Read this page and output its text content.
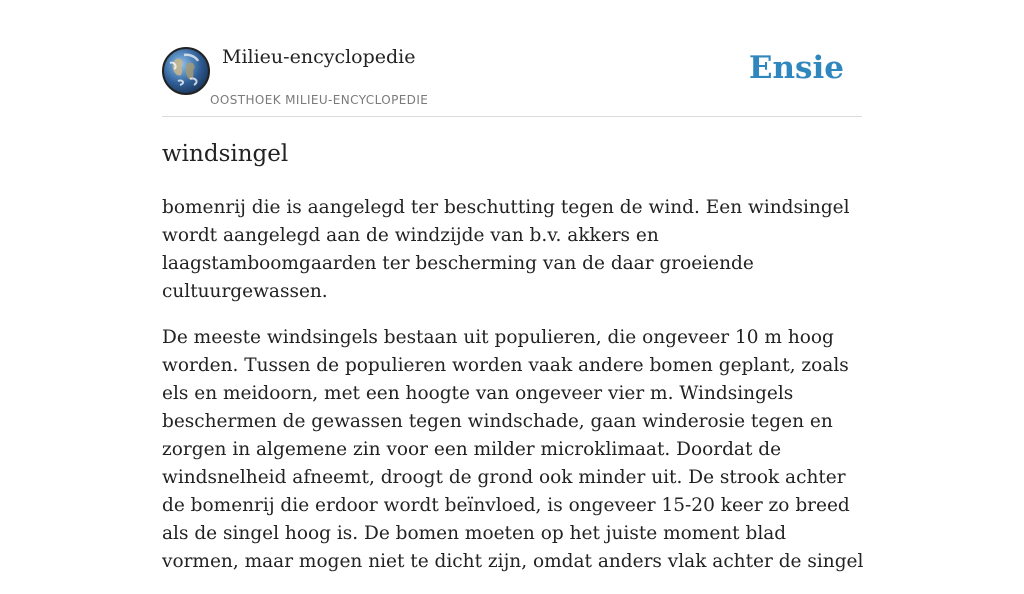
Milieu-encyclopedie
OOSTHOEK MILIEU-ENCYCLOPEDIE
Ensie
windsingel

bomenrij die is aangelegd ter beschutting tegen de wind. Een windsingel wordt aangelegd aan de windzijde van b.v. akkers en laagstamboomgaarden ter bescherming van de daar groeiende cultuurgewassen.

De meeste windsingels bestaan uit populieren, die ongeveer 10 m hoog worden. Tussen de populieren worden vaak andere bomen geplant, zoals els en meidoorn, met een hoogte van ongeveer vier m. Windsingels beschermen de gewassen tegen windschade, gaan winderosie tegen en zorgen in algemene zin voor een milder microklimaat. Doordat de windsnelheid afneemt, droogt de grond ook minder uit. De strook achter de bomenrij die erdoor wordt beïnvloed, is ongeveer 15-20 keer zo breed als de singel hoog is. De bomen moeten op het juiste moment blad vormen, maar mogen niet te dicht zijn, omdat anders vlak achter de singel
